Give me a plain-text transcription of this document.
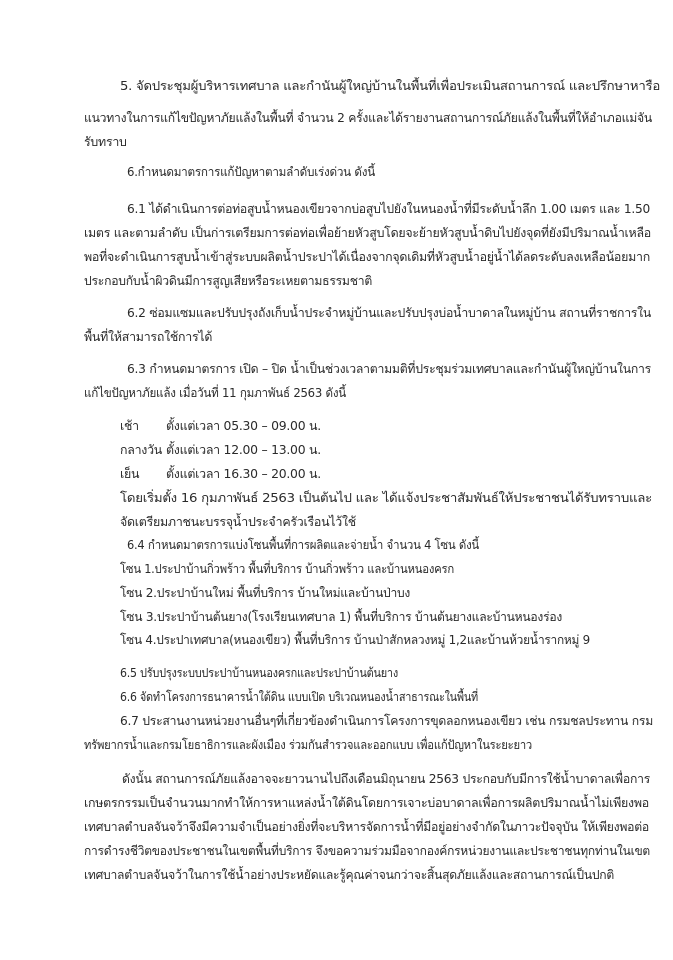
5. จัดประชุมผู้บริหารเทศบาล และกำนันผู้ใหญ่บ้านในพื้นที่เพื่อประเมินสถานการณ์ และปรึกษาหารือ
แนวทางในการแก้ไขปัญหาภัยแล้งในพื้นที่ จำนวน 2 ครั้งและได้รายงานสถานการณ์ภัยแล้งในพื้นที่ให้อำเภอแม่จัน
รับทราบ
6.กำหนดมาตรการแก้ปัญหาตามลำดับเร่งด่วน ดังนี้
6.1 ได้ดำเนินการต่อท่อสูบน้ำหนองเขียวจากบ่อสูบไปยังในหนองน้ำที่มีระดับน้ำลึก 1.00 เมตร และ 1.50
เมตร และตามลำดับ เป็นก่ารเตรียมการต่อท่อเพื่อย้ายหัวสูบโดยจะย้ายหัวสูบน้ำดิบไปยังจุดที่ยังมีปริมาณน้ำเหลือ
พอที่จะดำเนินการสูบน้ำเข้าสู่ระบบผลิตน้ำประปาได้เนื่องจากจุดเดิมที่หัวสูบน้ำอยู่น้ำได้ลดระดับลงเหลือน้อยมาก
ประกอบกับน้ำผิวดินมีการสูญเสียหรือระเหยตามธรรมชาติ
6.2 ซ่อมแซมและปรับปรุงถังเก็บน้ำประจำหมู่บ้านและปรับปรุงบ่อน้ำบาดาลในหมู่บ้าน สถานที่ราชการใน
พื้นที่ให้สามารถใช้การได้
6.3 กำหนดมาตรการ เปิด – ปิด น้ำเป็นช่วงเวลาตามมติที่ประชุมร่วมเทศบาลและกำนันผู้ใหญ่บ้านในการ
แก้ไขปัญหาภัยแล้ง เมื่อวันที่ 11 กุมภาพันธ์ 2563 ดังนี้
เช้า ตั้งแต่เวลา 05.30 – 09.00 น.
กลางวัน ตั้งแต่เวลา 12.00 – 13.00 น.
เย็น ตั้งแต่เวลา 16.30 – 20.00 น.
โดยเริ่มตั้ง 16 กุมภาพันธ์ 2563 เป็นต้นไป และ ได้แจ้งประชาสัมพันธ์ให้ประชาชนได้รับทราบและ
จัดเตรียมภาชนะบรรจุน้ำประจำครัวเรือนไว้ใช้
6.4 กำหนดมาตรการแบ่งโซนพื้นที่การผลิตและจ่ายน้ำ จำนวน 4 โซน ดังนี้
โซน 1.ประปาบ้านกิ่วพร้าว พื้นที่บริการ บ้านกิ่วพร้าว และบ้านหนองครก
โซน 2.ประปาบ้านใหม่ พื้นที่บริการ บ้านใหม่และบ้านป่าบง
โซน 3.ประปาบ้านต้นยาง(โรงเรียนเทศบาล 1) พื้นที่บริการ บ้านต้นยางและบ้านหนองร่อง
โซน 4.ประปาเทศบาล(หนองเขียว) พื้นที่บริการ บ้านป่าสักหลวงหมู่ 1,2และบ้านห้วยน้ำรากหมู่ 9
6.5 ปรับปรุงระบบประปาบ้านหนองครกและประปาบ้านต้นยาง
6.6 จัดทำโครงการธนาคารน้ำใต้ดิน แบบเปิด บริเวณหนองน้ำสาธารณะในพื้นที่
6.7 ประสานงานหน่วยงานอื่นๆที่เกี่ยวข้องดำเนินการโครงการขุดลอกหนองเขียว เช่น กรมชลประทาน กรม
ทรัพยากรน้ำและกรมโยธาธิการและผังเมือง ร่วมกันสำรวจและออกแบบ เพื่อแก้ปัญหาในระยะยาว
ดังนั้น สถานการณ์ภัยแล้งอาจจะยาวนานไปถึงเดือนมิถุนายน 2563 ประกอบกับมีการใช้น้ำบาดาลเพื่อการ
เกษตรกรรมเป็นจำนวนมากทำให้การหาแหล่งน้ำใต้ดินโดยการเจาะบ่อบาดาลเพื่อการผลิตปริมาณน้ำไม่เพียงพอ
เทศบาลตำบลจันจว้าจึงมีความจำเป็นอย่างยิ่งที่จะบริหารจัดการน้ำที่มีอยู่อย่างจำกัดในภาวะปัจจุบัน ให้เพียงพอต่อ
การดำรงชีวิตของประชาชนในเขตพื้นที่บริการ จึงขอความร่วมมือจากองค์กรหน่วยงานและประชาชนทุกท่านในเขต
เทศบาลตำบลจันจว้าในการใช้น้ำอย่างประหยัดและรู้คุณค่าจนกว่าจะสิ้นสุดภัยแล้งและสถานการณ์เป็นปกติ
